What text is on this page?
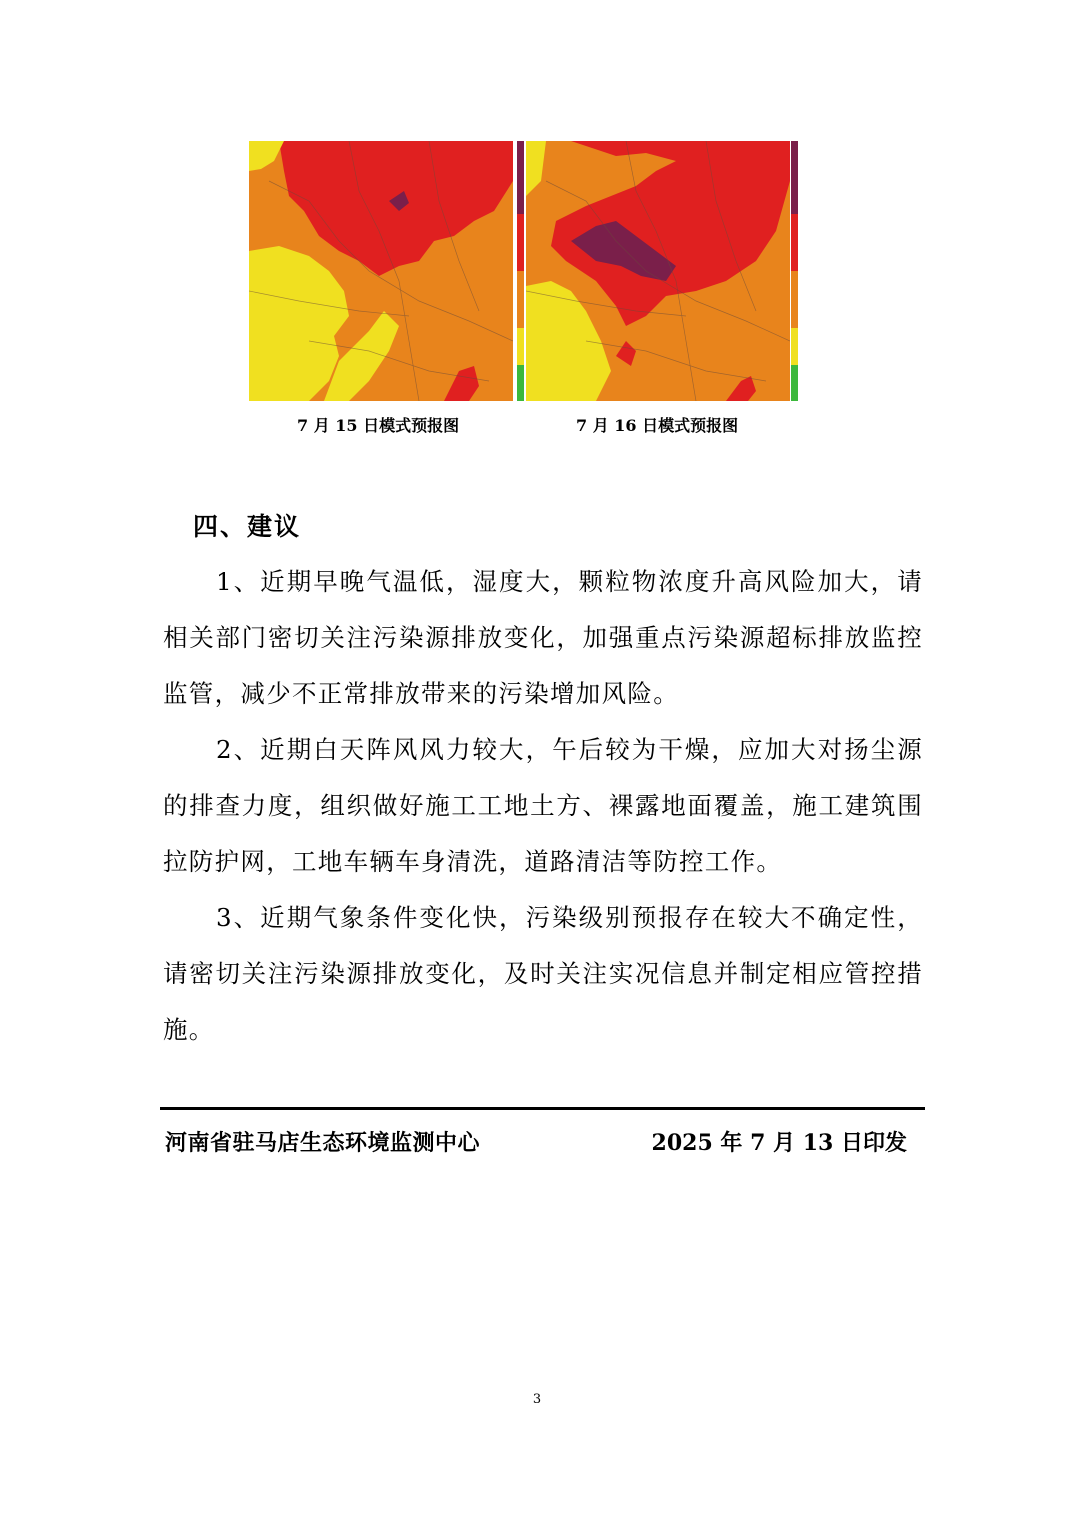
7 月 15 日模式预报图	7 月 16 日模式预报图
四、建议

1、近期早晚气温低，湿度大，颗粒物浓度升高风险加大，请相关部门密切关注污染源排放变化，加强重点污染源超标排放监控监管，减少不正常排放带来的污染增加风险。

2、近期白天阵风风力较大，午后较为干燥，应加大对扬尘源的排查力度，组织做好施工工地土方、裸露地面覆盖，施工建筑围拉防护网，工地车辆车身清洗，道路清洁等防控工作。

3、近期气象条件变化快，污染级别预报存在较大不确定性，请密切关注污染源排放变化，及时关注实况信息并制定相应管控措施。

河南省驻马店生态环境监测中心	2025 年 7 月 13 日印发
3
